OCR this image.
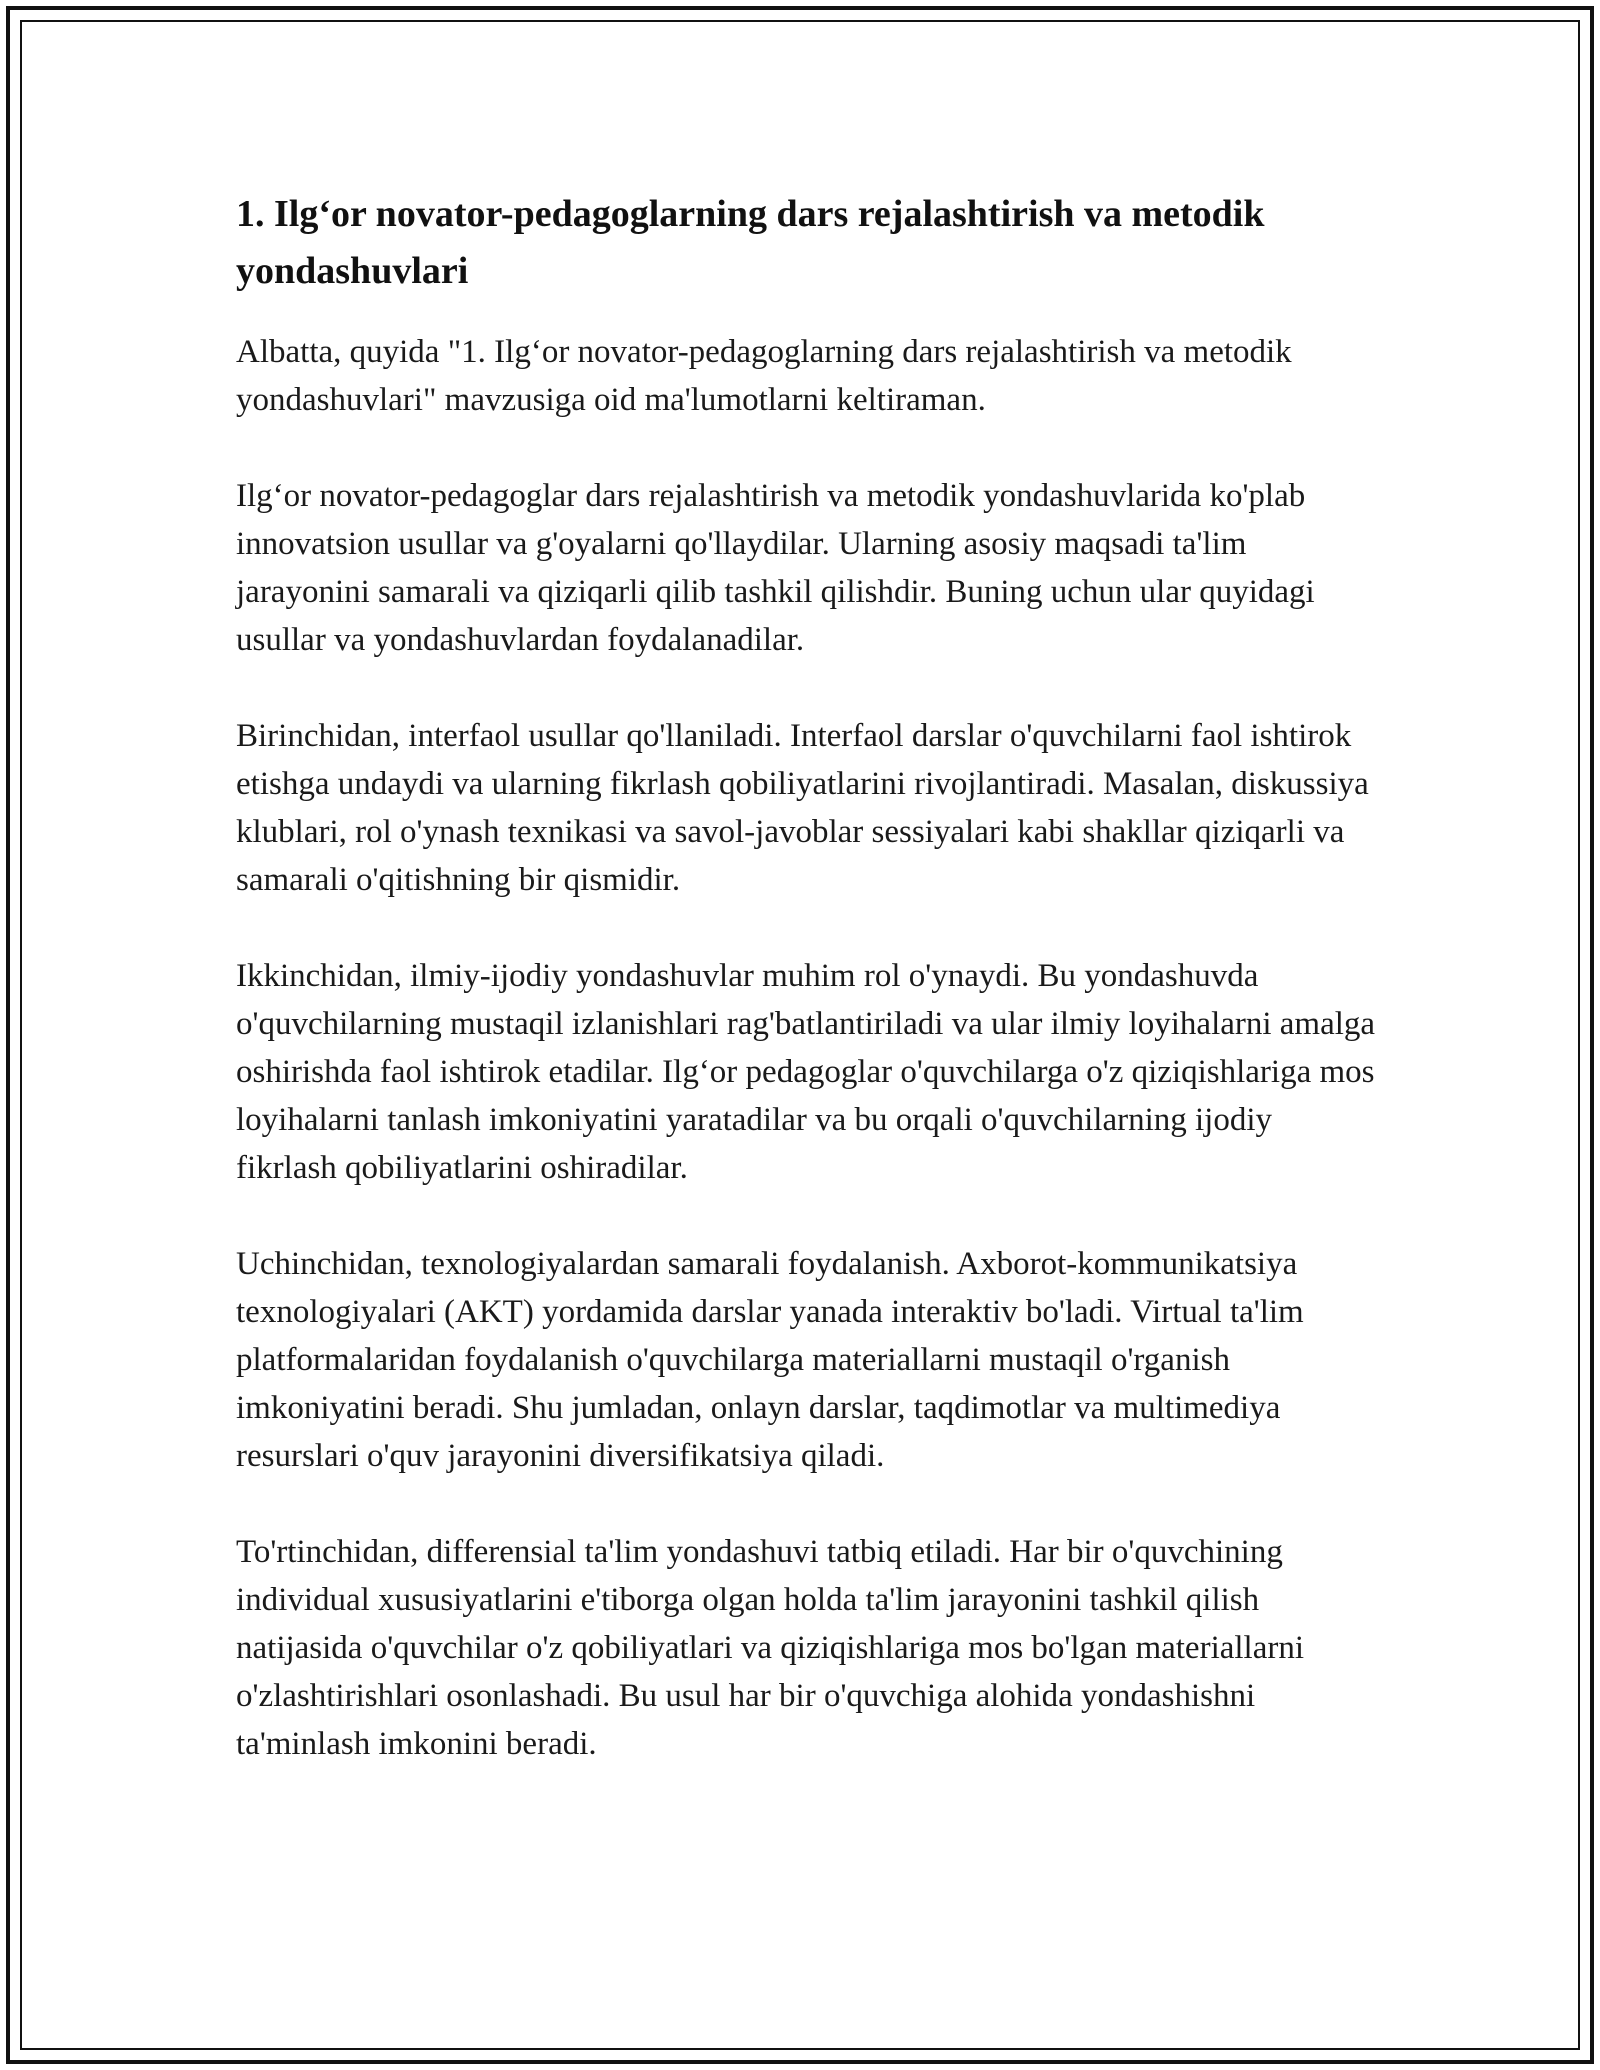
1. Ilg‘or novator-pedagoglarning dars rejalashtirish va metodik yondashuvlari

Albatta, quyida "1. Ilg‘or novator-pedagoglarning dars rejalashtirish va metodik yondashuvlari" mavzusiga oid ma'lumotlarni keltiraman.

Ilg‘or novator-pedagoglar dars rejalashtirish va metodik yondashuvlarida ko'plab innovatsion usullar va g'oyalarni qo'llaydilar. Ularning asosiy maqsadi ta'lim jarayonini samarali va qiziqarli qilib tashkil qilishdir. Buning uchun ular quyidagi usullar va yondashuvlardan foydalanadilar.

Birinchidan, interfaol usullar qo'llaniladi. Interfaol darslar o'quvchilarni faol ishtirok etishga undaydi va ularning fikrlash qobiliyatlarini rivojlantiradi. Masalan, diskussiya klublari, rol o'ynash texnikasi va savol-javoblar sessiyalari kabi shakllar qiziqarli va samarali o'qitishning bir qismidir.

Ikkinchidan, ilmiy-ijodiy yondashuvlar muhim rol o'ynaydi. Bu yondashuvda o'quvchilarning mustaqil izlanishlari rag'batlantiriladi va ular ilmiy loyihalarni amalga oshirishda faol ishtirok etadilar. Ilg‘or pedagoglar o'quvchilarga o'z qiziqishlariga mos loyihalarni tanlash imkoniyatini yaratadilar va bu orqali o'quvchilarning ijodiy fikrlash qobiliyatlarini oshiradilar.

Uchinchidan, texnologiyalardan samarali foydalanish. Axborot-kommunikatsiya texnologiyalari (AKT) yordamida darslar yanada interaktiv bo'ladi. Virtual ta'lim platformalaridan foydalanish o'quvchilarga materiallarni mustaqil o'rganish imkoniyatini beradi. Shu jumladan, onlayn darslar, taqdimotlar va multimediya resurslari o'quv jarayonini diversifikatsiya qiladi.

To'rtinchidan, differensial ta'lim yondashuvi tatbiq etiladi. Har bir o'quvchining individual xususiyatlarini e'tiborga olgan holda ta'lim jarayonini tashkil qilish natijasida o'quvchilar o'z qobiliyatlari va qiziqishlariga mos bo'lgan materiallarni o'zlashtirishlari osonlashadi. Bu usul har bir o'quvchiga alohida yondashishni ta'minlash imkonini beradi.
